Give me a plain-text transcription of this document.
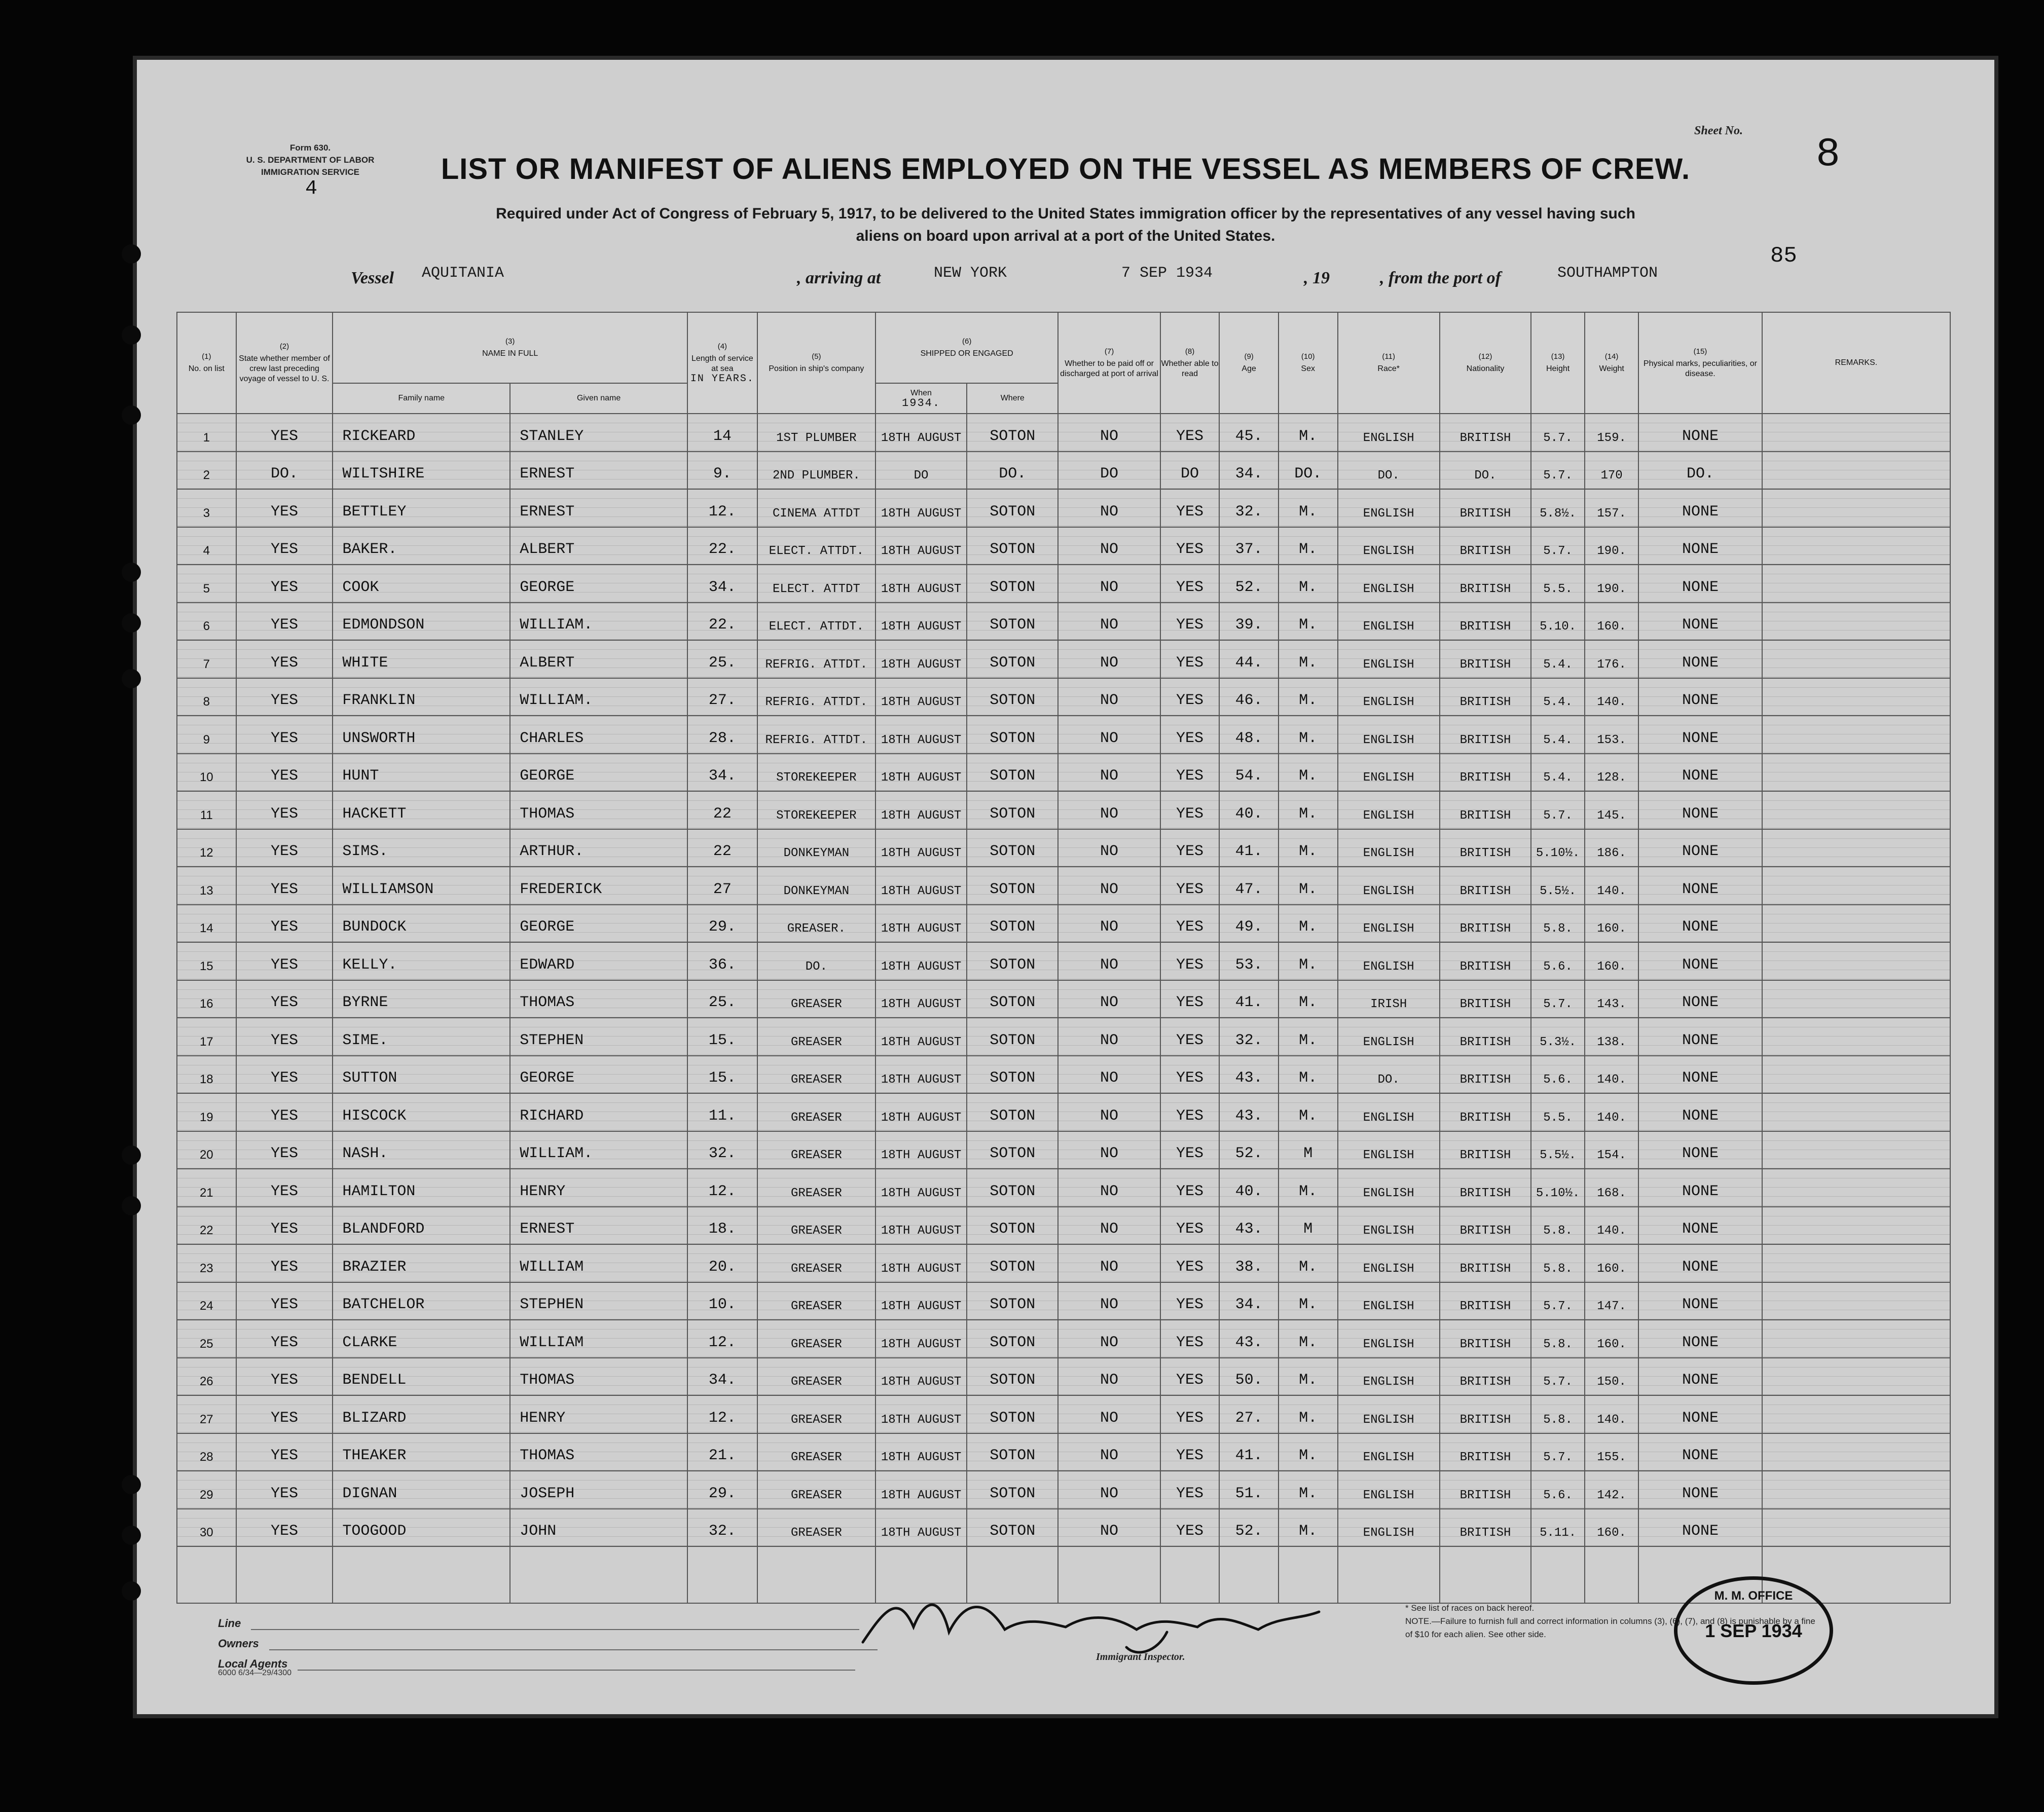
Form 630.
U. S. DEPARTMENT OF LABOR
IMMIGRATION SERVICE
4
Sheet No.
8
LIST OR MANIFEST OF ALIENS EMPLOYED ON THE VESSEL AS MEMBERS OF CREW.
Required under Act of Congress of February 5, 1917, to be delivered to the United States immigration officer by the representatives of any vessel having such
aliens on board upon arrival at a port of the United States.
85
Vessel AQUITANIA	, arriving at	NEW YORK	7 SEP 1934	, 19	, from the port of	SOUTHAMPTON
(1)
No. on list	(2)
State whether member of crew last preceding voyage of vessel to U. S.	(3)
NAME IN FULL		(4)
Length of service at sea
IN YEARS.	(5)
Position in ship's company	(6)
SHIPPED OR ENGAGED		(7)
Whether to be paid off or discharged at port of arrival	(8)
Whether able to read	(9)
Age	(10)
Sex	(11)
Race*	(12)
Nationality	(13)
Height	(14)
Weight	(15)
Physical marks, peculiarities, or disease.	REMARKS.
		Family name	Given name			When
1934.	Where										
1	YES	RICKEARD	STANLEY	14	1ST PLUMBER	18TH AUGUST	SOTON	NO	YES	45.	M.	ENGLISH	BRITISH	5.7.	159.	NONE	
2	DO.	WILTSHIRE	ERNEST	9.	2ND PLUMBER.	DO	DO.	DO	DO	34.	DO.	DO.	DO.	5.7.	170	DO.	
3	YES	BETTLEY	ERNEST	12.	CINEMA ATTDT	18TH AUGUST	SOTON	NO	YES	32.	M.	ENGLISH	BRITISH	5.8½.	157.	NONE	
4	YES	BAKER.	ALBERT	22.	ELECT. ATTDT.	18TH AUGUST	SOTON	NO	YES	37.	M.	ENGLISH	BRITISH	5.7.	190.	NONE	
5	YES	COOK	GEORGE	34.	ELECT. ATTDT	18TH AUGUST	SOTON	NO	YES	52.	M.	ENGLISH	BRITISH	5.5.	190.	NONE	
6	YES	EDMONDSON	WILLIAM.	22.	ELECT. ATTDT.	18TH AUGUST	SOTON	NO	YES	39.	M.	ENGLISH	BRITISH	5.10.	160.	NONE	
7	YES	WHITE	ALBERT	25.	REFRIG. ATTDT.	18TH AUGUST	SOTON	NO	YES	44.	M.	ENGLISH	BRITISH	5.4.	176.	NONE	
8	YES	FRANKLIN	WILLIAM.	27.	REFRIG. ATTDT.	18TH AUGUST	SOTON	NO	YES	46.	M.	ENGLISH	BRITISH	5.4.	140.	NONE	
9	YES	UNSWORTH	CHARLES	28.	REFRIG. ATTDT.	18TH AUGUST	SOTON	NO	YES	48.	M.	ENGLISH	BRITISH	5.4.	153.	NONE	
10	YES	HUNT	GEORGE	34.	STOREKEEPER	18TH AUGUST	SOTON	NO	YES	54.	M.	ENGLISH	BRITISH	5.4.	128.	NONE	
11	YES	HACKETT	THOMAS	22	STOREKEEPER	18TH AUGUST	SOTON	NO	YES	40.	M.	ENGLISH	BRITISH	5.7.	145.	NONE	
12	YES	SIMS.	ARTHUR.	22	DONKEYMAN	18TH AUGUST	SOTON	NO	YES	41.	M.	ENGLISH	BRITISH	5.10½.	186.	NONE	
13	YES	WILLIAMSON	FREDERICK	27	DONKEYMAN	18TH AUGUST	SOTON	NO	YES	47.	M.	ENGLISH	BRITISH	5.5½.	140.	NONE	
14	YES	BUNDOCK	GEORGE	29.	GREASER.	18TH AUGUST	SOTON	NO	YES	49.	M.	ENGLISH	BRITISH	5.8.	160.	NONE	
15	YES	KELLY.	EDWARD	36.	DO.	18TH AUGUST	SOTON	NO	YES	53.	M.	ENGLISH	BRITISH	5.6.	160.	NONE	
16	YES	BYRNE	THOMAS	25.	GREASER	18TH AUGUST	SOTON	NO	YES	41.	M.	IRISH	BRITISH	5.7.	143.	NONE	
17	YES	SIME.	STEPHEN	15.	GREASER	18TH AUGUST	SOTON	NO	YES	32.	M.	ENGLISH	BRITISH	5.3½.	138.	NONE	
18	YES	SUTTON	GEORGE	15.	GREASER	18TH AUGUST	SOTON	NO	YES	43.	M.	DO.	BRITISH	5.6.	140.	NONE	
19	YES	HISCOCK	RICHARD	11.	GREASER	18TH AUGUST	SOTON	NO	YES	43.	M.	ENGLISH	BRITISH	5.5.	140.	NONE	
20	YES	NASH.	WILLIAM.	32.	GREASER	18TH AUGUST	SOTON	NO	YES	52.	M	ENGLISH	BRITISH	5.5½.	154.	NONE	
21	YES	HAMILTON	HENRY	12.	GREASER	18TH AUGUST	SOTON	NO	YES	40.	M.	ENGLISH	BRITISH	5.10½.	168.	NONE	
22	YES	BLANDFORD	ERNEST	18.	GREASER	18TH AUGUST	SOTON	NO	YES	43.	M	ENGLISH	BRITISH	5.8.	140.	NONE	
23	YES	BRAZIER	WILLIAM	20.	GREASER	18TH AUGUST	SOTON	NO	YES	38.	M.	ENGLISH	BRITISH	5.8.	160.	NONE	
24	YES	BATCHELOR	STEPHEN	10.	GREASER	18TH AUGUST	SOTON	NO	YES	34.	M.	ENGLISH	BRITISH	5.7.	147.	NONE	
25	YES	CLARKE	WILLIAM	12.	GREASER	18TH AUGUST	SOTON	NO	YES	43.	M.	ENGLISH	BRITISH	5.8.	160.	NONE	
26	YES	BENDELL	THOMAS	34.	GREASER	18TH AUGUST	SOTON	NO	YES	50.	M.	ENGLISH	BRITISH	5.7.	150.	NONE	
27	YES	BLIZARD	HENRY	12.	GREASER	18TH AUGUST	SOTON	NO	YES	27.	M.	ENGLISH	BRITISH	5.8.	140.	NONE	
28	YES	THEAKER	THOMAS	21.	GREASER	18TH AUGUST	SOTON	NO	YES	41.	M.	ENGLISH	BRITISH	5.7.	155.	NONE	
29	YES	DIGNAN	JOSEPH	29.	GREASER	18TH AUGUST	SOTON	NO	YES	51.	M.	ENGLISH	BRITISH	5.6.	142.	NONE	
30	YES	TOOGOOD	JOHN	32.	GREASER	18TH AUGUST	SOTON	NO	YES	52.	M.	ENGLISH	BRITISH	5.11.	160.	NONE	

Line
Owners
Local Agents
6000 6/34—29/4300
Immigrant Inspector.
* See list of races on back hereof.
NOTE.—Failure to furnish full and correct information in columns (3), (6), (7), and (8) is punishable by a fine of $10 for each alien. See other side.
M. M. OFFICE
1 SEP 1934
